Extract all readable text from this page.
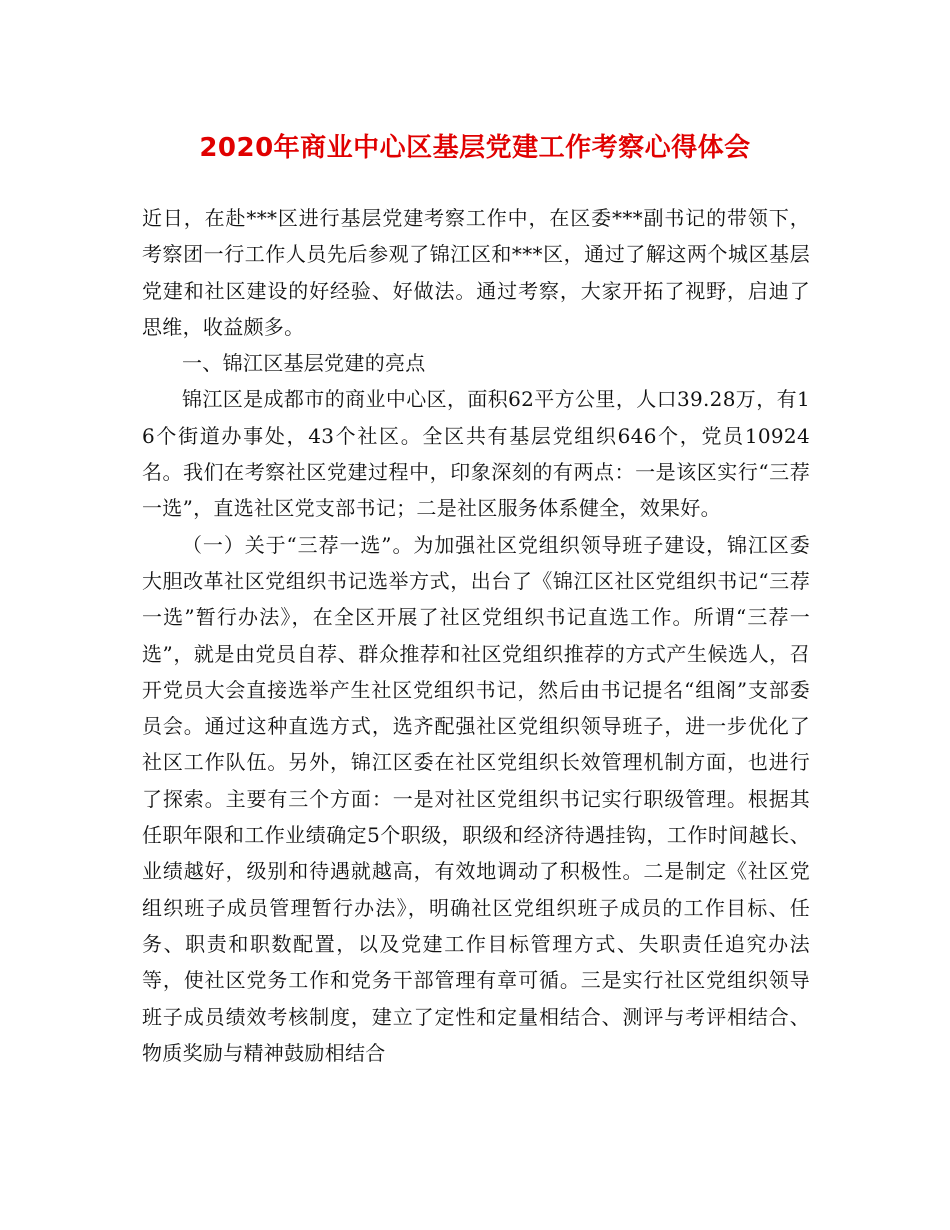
2020年商业中心区基层党建工作考察心得体会

近日，在赴***区进行基层党建考察工作中，在区委***副书记的带领下，考察团一行工作人员先后参观了锦江区和***区，通过了解这两个城区基层党建和社区建设的好经验、好做法。通过考察，大家开拓了视野，启迪了思维，收益颇多。

一、锦江区基层党建的亮点

锦江区是成都市的商业中心区，面积62平方公里，人口39.28万，有16个街道办事处，43个社区。全区共有基层党组织646个，党员10924名。我们在考察社区党建过程中，印象深刻的有两点：一是该区实行“三荐一选”，直选社区党支部书记；二是社区服务体系健全，效果好。

（一）关于“三荐一选”。为加强社区党组织领导班子建设，锦江区委大胆改革社区党组织书记选举方式，出台了《锦江区社区党组织书记“三荐一选”暂行办法》，在全区开展了社区党组织书记直选工作。所谓“三荐一选”，就是由党员自荐、群众推荐和社区党组织推荐的方式产生候选人，召开党员大会直接选举产生社区党组织书记，然后由书记提名“组阁”支部委员会。通过这种直选方式，选齐配强社区党组织领导班子，进一步优化了社区工作队伍。另外，锦江区委在社区党组织长效管理机制方面，也进行了探索。主要有三个方面：一是对社区党组织书记实行职级管理。根据其任职年限和工作业绩确定5个职级，职级和经济待遇挂钩，工作时间越长、业绩越好，级别和待遇就越高，有效地调动了积极性。二是制定《社区党组织班子成员管理暂行办法》，明确社区党组织班子成员的工作目标、任务、职责和职数配置，以及党建工作目标管理方式、失职责任追究办法等，使社区党务工作和党务干部管理有章可循。三是实行社区党组织领导班子成员绩效考核制度，建立了定性和定量相结合、测评与考评相结合、物质奖励与精神鼓励相结合
